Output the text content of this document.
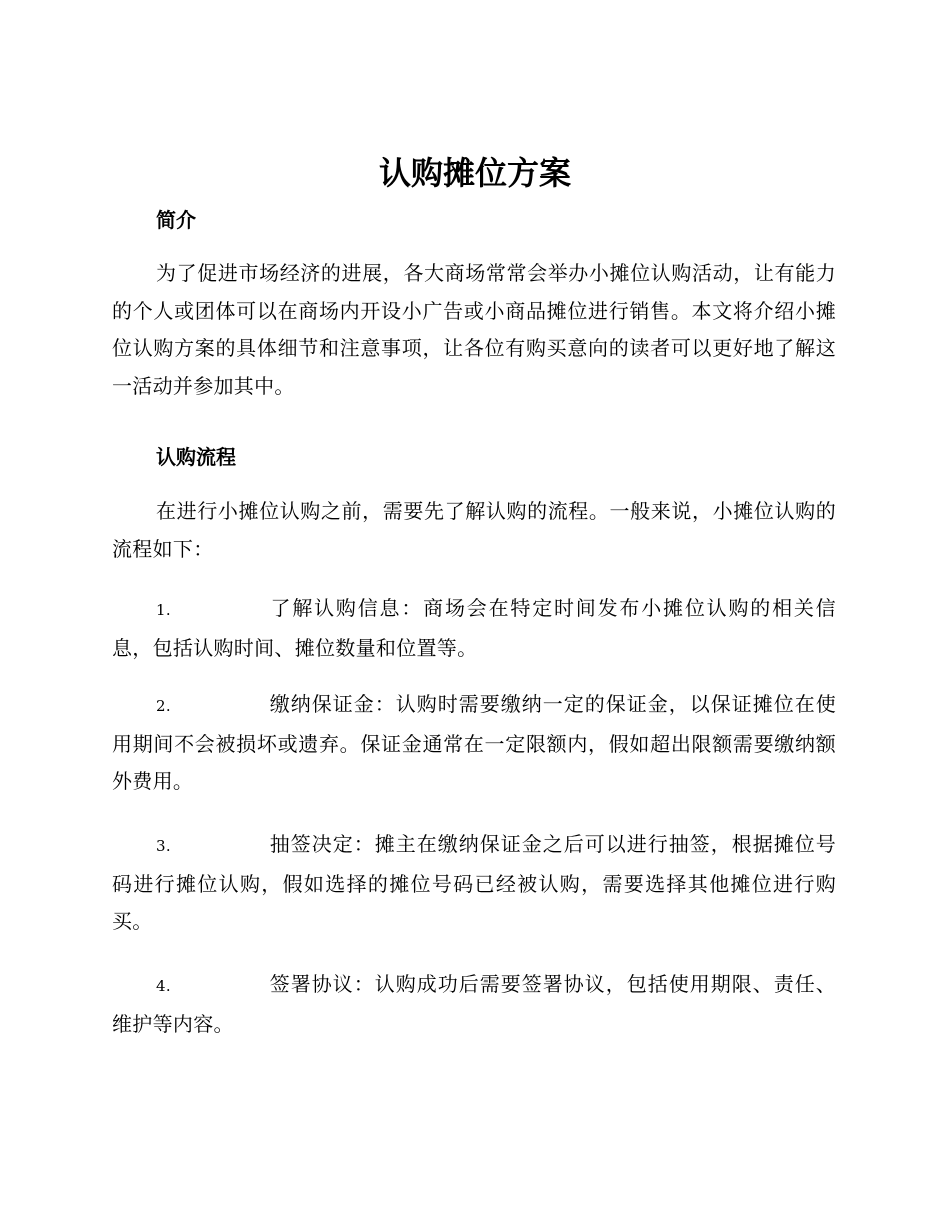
认购摊位方案
简介

为了促进市场经济的进展，各大商场常常会举办小摊位认购活动，让有能力的个人或团体可以在商场内开设小广告或小商品摊位进行销售。本文将介绍小摊位认购方案的具体细节和注意事项，让各位有购买意向的读者可以更好地了解这一活动并参加其中。

认购流程

在进行小摊位认购之前，需要先了解认购的流程。一般来说，小摊位认购的流程如下：

1.	了解认购信息：商场会在特定时间发布小摊位认购的相关信息，包括认购时间、摊位数量和位置等。

2.	缴纳保证金：认购时需要缴纳一定的保证金，以保证摊位在使用期间不会被损坏或遗弃。保证金通常在一定限额内，假如超出限额需要缴纳额外费用。

3.	抽签决定：摊主在缴纳保证金之后可以进行抽签，根据摊位号码进行摊位认购，假如选择的摊位号码已经被认购，需要选择其他摊位进行购买。

4.	签署协议：认购成功后需要签署协议，包括使用期限、责任、维护等内容。
